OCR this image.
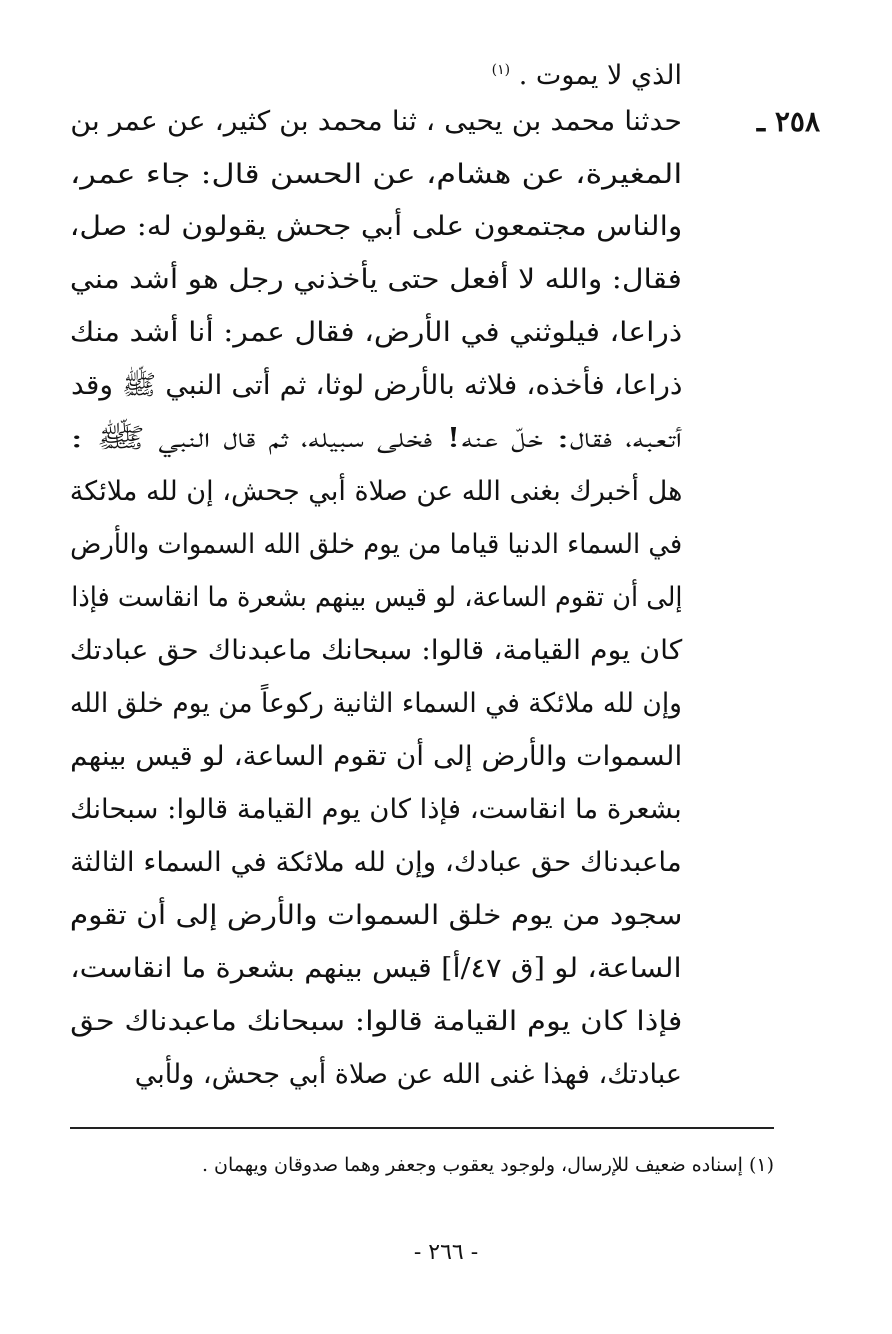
الذي لا يموت . $^{(١)}$
٢٥٨ ـ
حدثنا محمد بن يحيى ، ثنا محمد بن كثير، عن عمر بن
المغيرة، عن هشام، عن الحسن قال: جاء عمر،
والناس مجتمعون على أبي جحش يقولون له: صل،
فقال: والله لا أفعل حتى يأخذني رجل هو أشد مني
ذراعا، فيلوثني في الأرض، فقال عمر: أنا أشد منك
ذراعا، فأخذه، فلاثه بالأرض لوثا، ثم أتى النبي ﷺ وقد
أتعبه، فقال: خلّ عنه! فخلى سبيله، ثم قال النبي ﷺ :
هل أخبرك بغنى الله عن صلاة أبي جحش، إن لله ملائكة
في السماء الدنيا قياما من يوم خلق الله السموات والأرض
إلى أن تقوم الساعة، لو قيس بينهم بشعرة ما انقاست فإذا
كان يوم القيامة، قالوا: سبحانك ماعبدناك حق عبادتك
وإن لله ملائكة في السماء الثانية ركوعاً من يوم خلق الله
السموات والأرض إلى أن تقوم الساعة، لو قيس بينهم
بشعرة ما انقاست، فإذا كان يوم القيامة قالوا: سبحانك
ماعبدناك حق عبادك، وإن لله ملائكة في السماء الثالثة
سجود من يوم خلق السموات والأرض إلى أن تقوم
الساعة، لو [ق ٤٧/أ] قيس بينهم بشعرة ما انقاست،
فإذا كان يوم القيامة قالوا: سبحانك ماعبدناك حق
عبادتك، فهذا غنى الله عن صلاة أبي جحش، ولأبي
(١) إسناده ضعيف للإرسال، ولوجود يعقوب وجعفر وهما صدوقان ويهمان .
- ٢٦٦ -
